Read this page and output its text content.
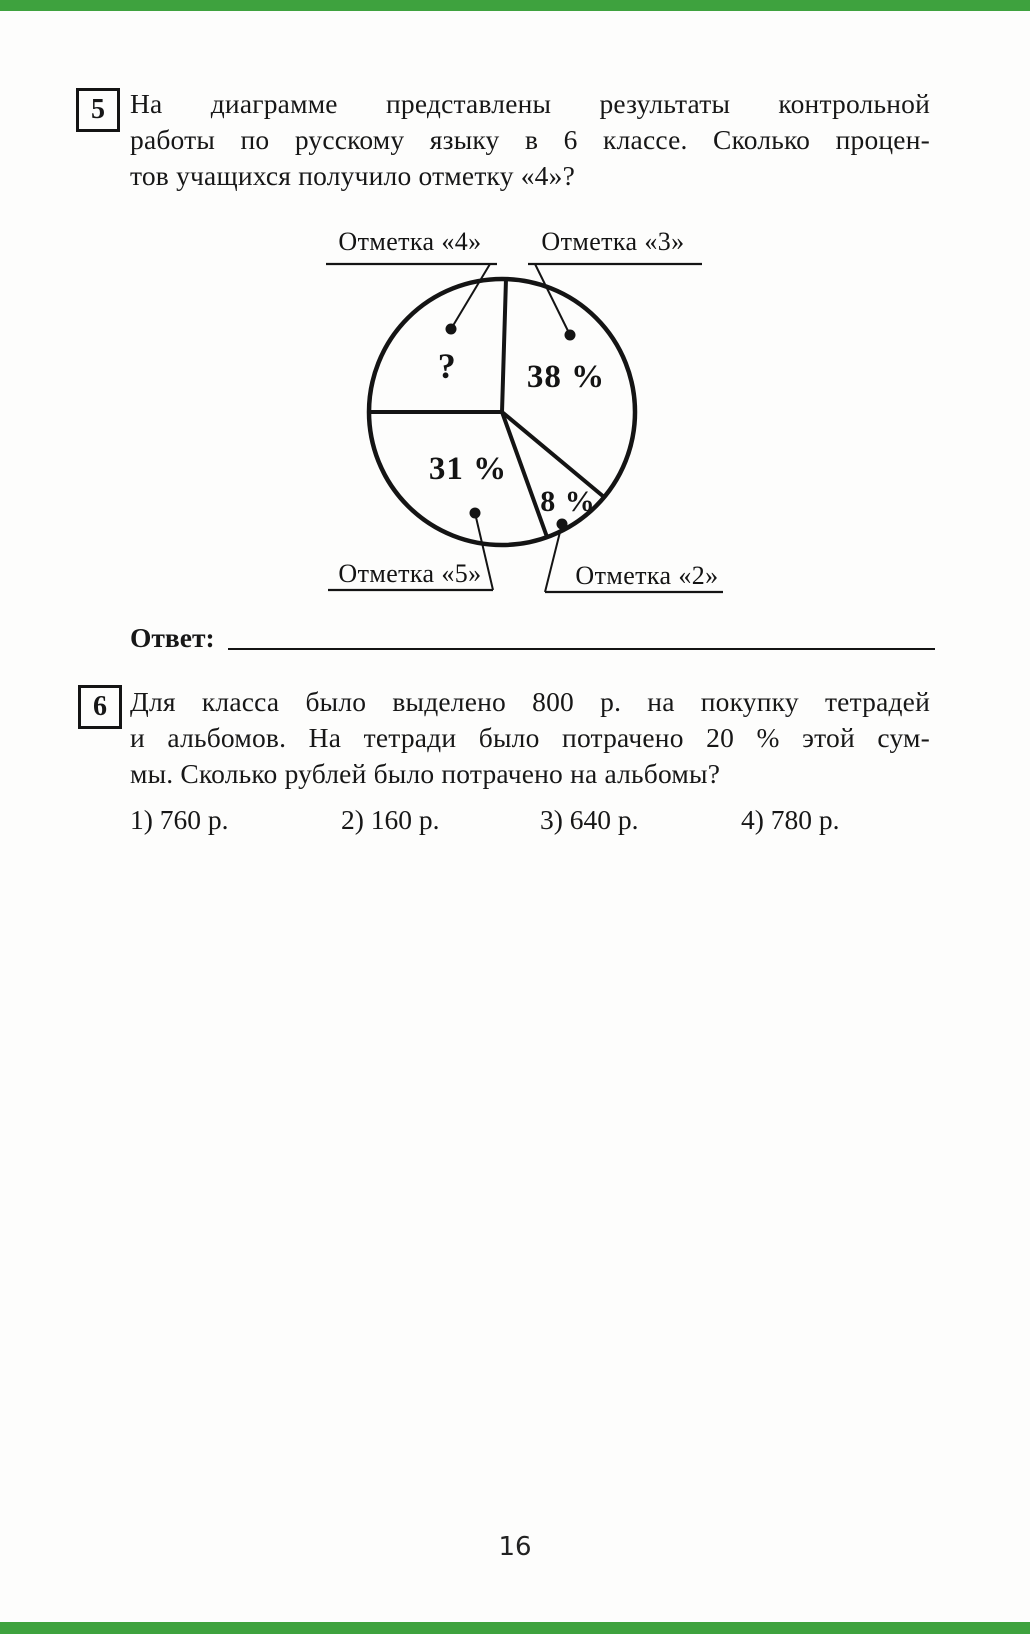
5 На диаграмме представлены результаты контрольной
работы по русскому языку в 6 классе. Сколько процен-
тов учащихся получило отметку «4»?
Отметка «4» Отметка «3»
Отметка «5»	Отметка «2»
? 38 %
31 %
8 %
Ответ:
6 Для класса было выделено 800 р. на покупку тетрадей
и альбомов. На тетради было потрачено 20 % этой сум-
мы. Сколько рублей было потрачено на альбомы?
1) 760 р.	2) 160 р.	3) 640 р.	4) 780 р.
16
